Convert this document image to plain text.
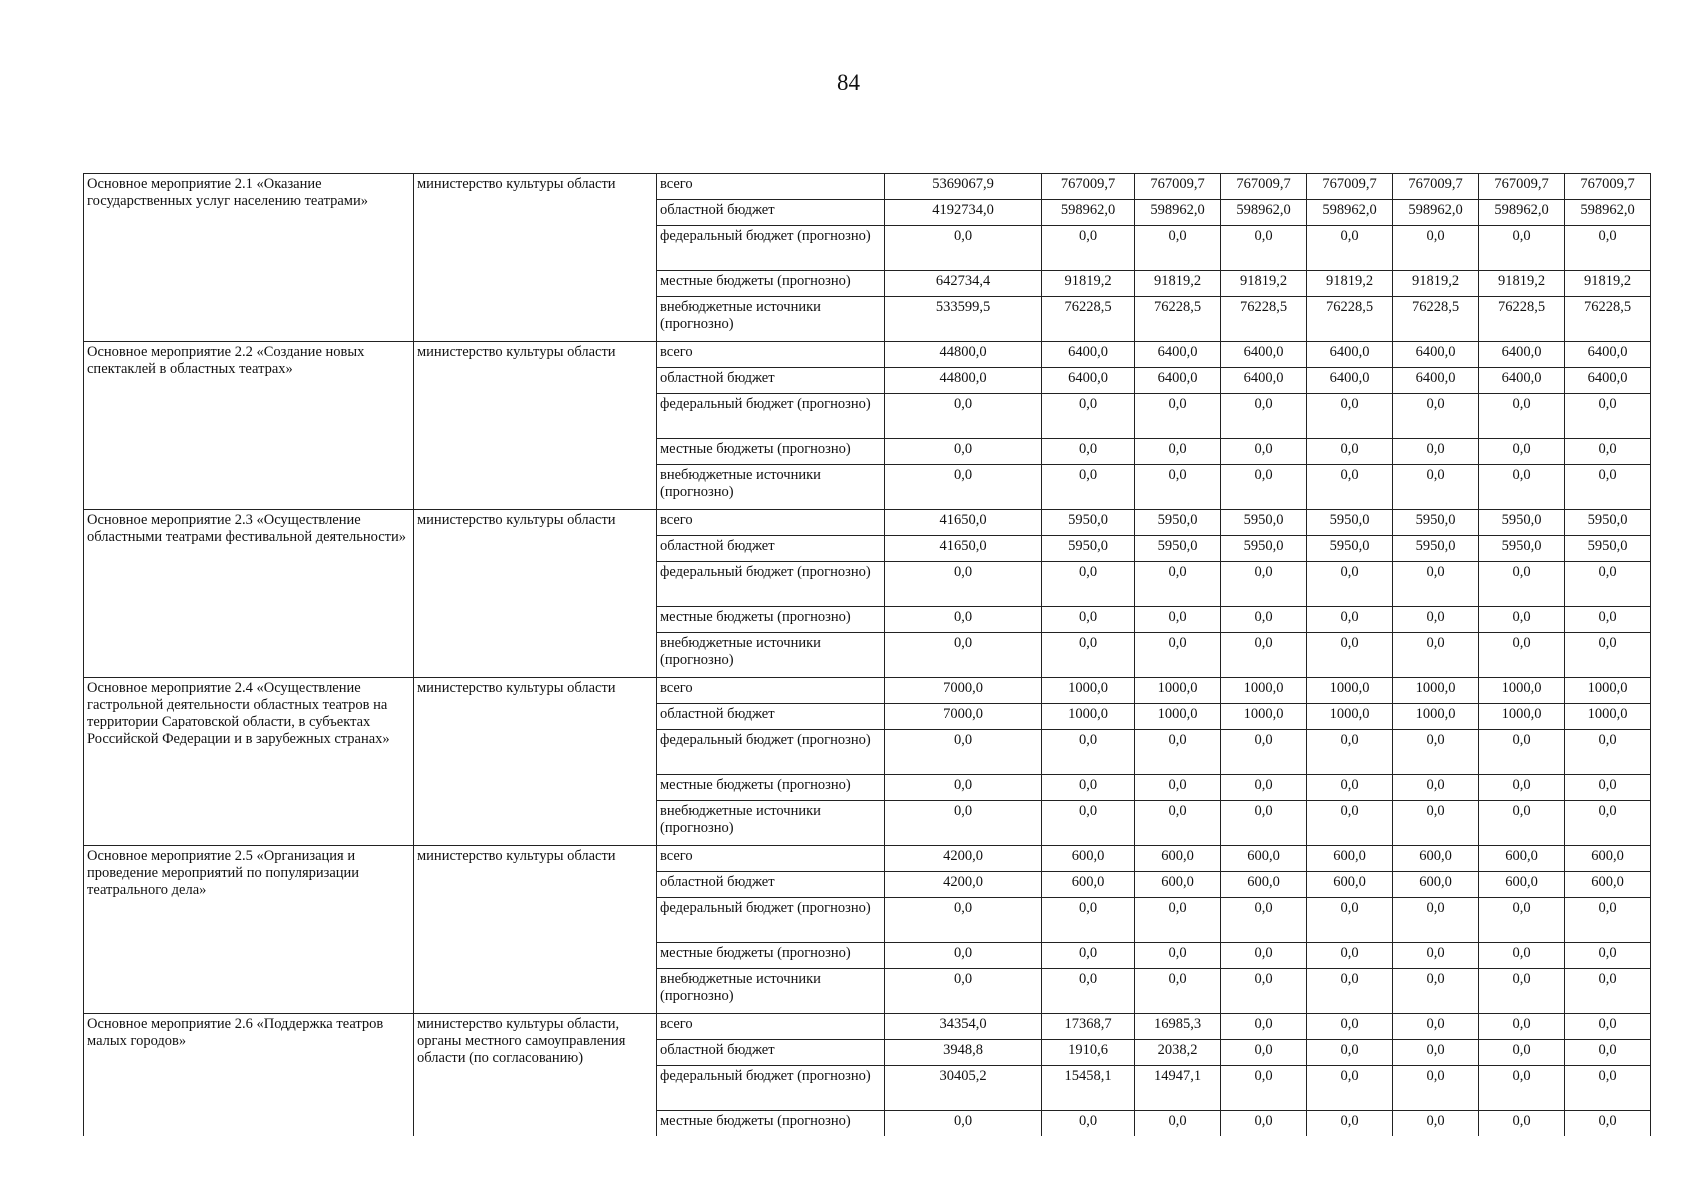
84
Основное мероприятие 2.1 «Оказание государственных услуг населению театрами»	министерство культуры области	всего	5369067,9	767009,7	767009,7	767009,7	767009,7	767009,7	767009,7	767009,7
		областной бюджет	4192734,0	598962,0	598962,0	598962,0	598962,0	598962,0	598962,0	598962,0
		федеральный бюджет (прогнозно)	0,0	0,0	0,0	0,0	0,0	0,0	0,0	0,0
		местные бюджеты (прогнозно)	642734,4	91819,2	91819,2	91819,2	91819,2	91819,2	91819,2	91819,2
		внебюджетные источники (прогнозно)	533599,5	76228,5	76228,5	76228,5	76228,5	76228,5	76228,5	76228,5
Основное мероприятие 2.2 «Создание новых спектаклей в областных театрах»	министерство культуры области	всего	44800,0	6400,0	6400,0	6400,0	6400,0	6400,0	6400,0	6400,0
		областной бюджет	44800,0	6400,0	6400,0	6400,0	6400,0	6400,0	6400,0	6400,0
		федеральный бюджет (прогнозно)	0,0	0,0	0,0	0,0	0,0	0,0	0,0	0,0
		местные бюджеты (прогнозно)	0,0	0,0	0,0	0,0	0,0	0,0	0,0	0,0
		внебюджетные источники (прогнозно)	0,0	0,0	0,0	0,0	0,0	0,0	0,0	0,0
Основное мероприятие 2.3 «Осуществление областными театрами фестивальной деятельности»	министерство культуры области	всего	41650,0	5950,0	5950,0	5950,0	5950,0	5950,0	5950,0	5950,0
		областной бюджет	41650,0	5950,0	5950,0	5950,0	5950,0	5950,0	5950,0	5950,0
		федеральный бюджет (прогнозно)	0,0	0,0	0,0	0,0	0,0	0,0	0,0	0,0
		местные бюджеты (прогнозно)	0,0	0,0	0,0	0,0	0,0	0,0	0,0	0,0
		внебюджетные источники (прогнозно)	0,0	0,0	0,0	0,0	0,0	0,0	0,0	0,0
Основное мероприятие 2.4 «Осуществление гастрольной деятельности областных театров на территории Саратовской области, в субъектах Российской Федерации и в зарубежных странах»	министерство культуры области	всего	7000,0	1000,0	1000,0	1000,0	1000,0	1000,0	1000,0	1000,0
		областной бюджет	7000,0	1000,0	1000,0	1000,0	1000,0	1000,0	1000,0	1000,0
		федеральный бюджет (прогнозно)	0,0	0,0	0,0	0,0	0,0	0,0	0,0	0,0
		местные бюджеты (прогнозно)	0,0	0,0	0,0	0,0	0,0	0,0	0,0	0,0
		внебюджетные источники (прогнозно)	0,0	0,0	0,0	0,0	0,0	0,0	0,0	0,0
Основное мероприятие 2.5 «Организация и проведение мероприятий по популяризации театрального дела»	министерство культуры области	всего	4200,0	600,0	600,0	600,0	600,0	600,0	600,0	600,0
		областной бюджет	4200,0	600,0	600,0	600,0	600,0	600,0	600,0	600,0
		федеральный бюджет (прогнозно)	0,0	0,0	0,0	0,0	0,0	0,0	0,0	0,0
		местные бюджеты (прогнозно)	0,0	0,0	0,0	0,0	0,0	0,0	0,0	0,0
		внебюджетные источники (прогнозно)	0,0	0,0	0,0	0,0	0,0	0,0	0,0	0,0
Основное мероприятие 2.6 «Поддержка театров малых городов»	министерство культуры области, органы местного самоуправления области (по согласованию)	всего	34354,0	17368,7	16985,3	0,0	0,0	0,0	0,0	0,0
		областной бюджет	3948,8	1910,6	2038,2	0,0	0,0	0,0	0,0	0,0
		федеральный бюджет (прогнозно)	30405,2	15458,1	14947,1	0,0	0,0	0,0	0,0	0,0
		местные бюджеты (прогнозно)	0,0	0,0	0,0	0,0	0,0	0,0	0,0	0,0
